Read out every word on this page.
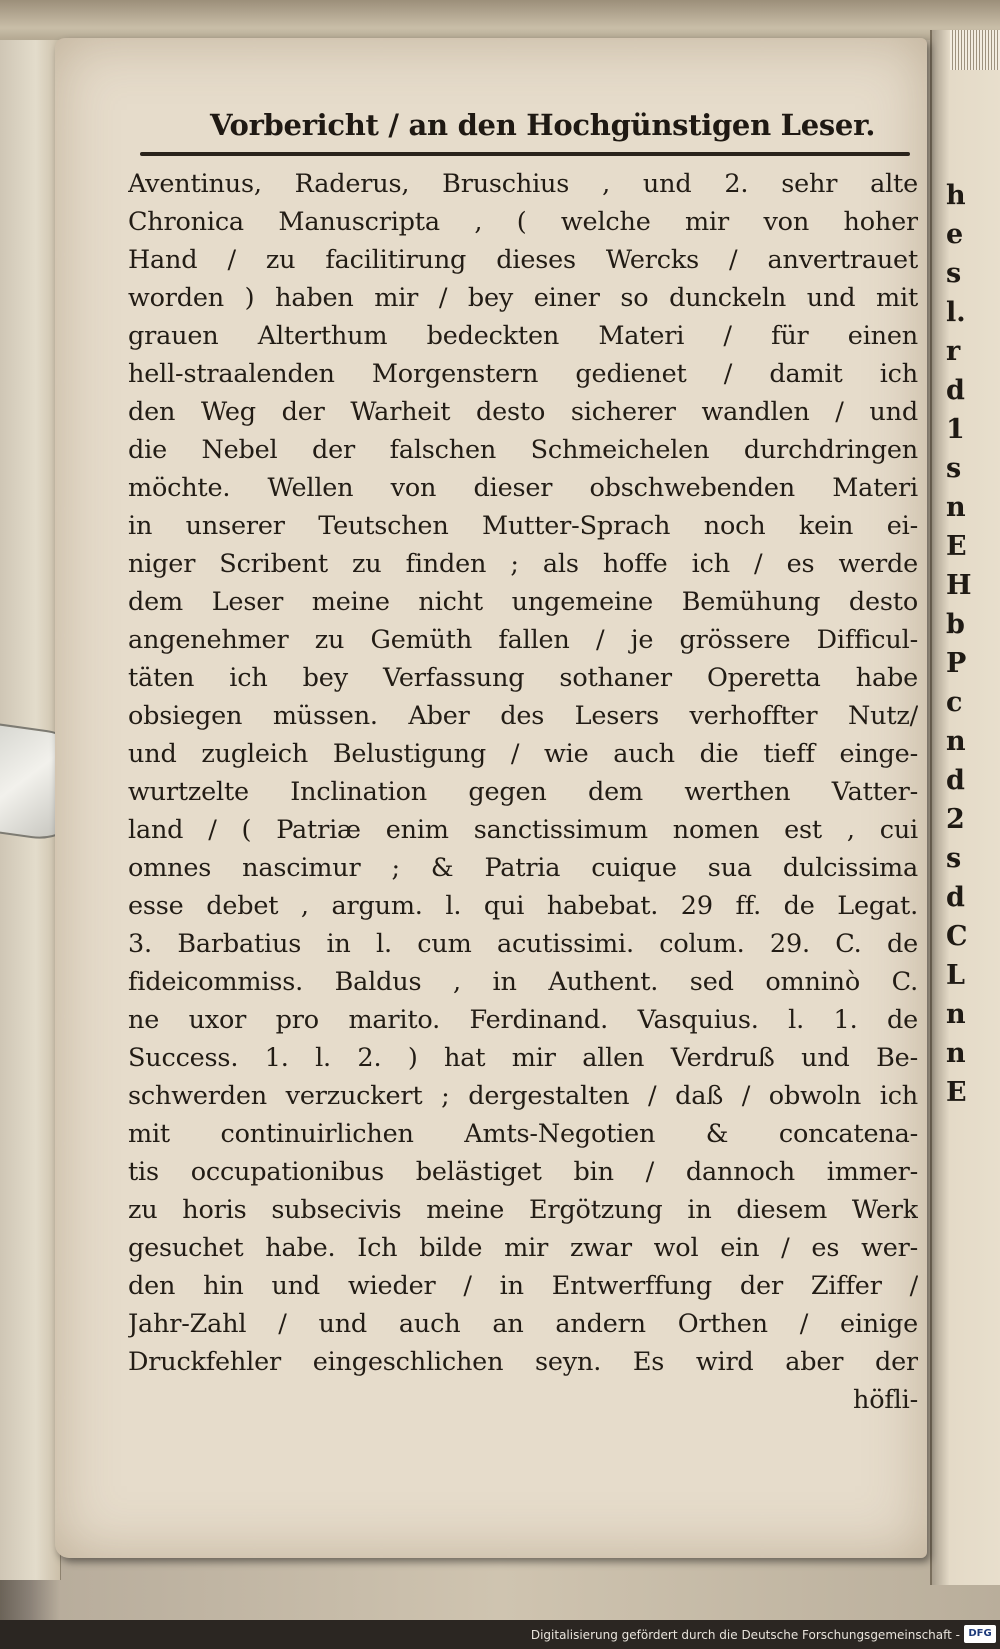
h
e
s
l.
r
d
1
s
n
E
H
b
P
c
n
d
2
s
d
C
L
n
n
E
Vorbericht / an den Hochgünstigen Leser.
Aventinus, Raderus, Bruschius , und 2. sehr alte
Chronica Manuscripta , ( welche mir von hoher
Hand / zu facilitirung dieses Wercks / anvertrauet
worden ) haben mir / bey einer so dunckeln und mit
grauen Alterthum bedeckten Materi / für einen
hell-straalenden Morgenstern gedienet / damit ich
den Weg der Warheit desto sicherer wandlen / und
die Nebel der falschen Schmeichelen durchdringen
möchte. Wellen von dieser obschwebenden Materi
in unserer Teutschen Mutter-Sprach noch kein ei-
niger Scribent zu finden ; als hoffe ich / es werde
dem Leser meine nicht ungemeine Bemühung desto
angenehmer zu Gemüth fallen / je grössere Difficul-
täten ich bey Verfassung sothaner Operetta habe
obsiegen müssen. Aber des Lesers verhoffter Nutz/
und zugleich Belustigung / wie auch die tieff einge-
wurtzelte Inclination gegen dem werthen Vatter-
land / ( Patriæ enim sanctissimum nomen est , cui
omnes nascimur ; & Patria cuique sua dulcissima
esse debet , argum. l. qui habebat. 29 ff. de Legat.
3. Barbatius in l. cum acutissimi. colum. 29. C. de
fideicommiss. Baldus , in Authent. sed omninò C.
ne uxor pro marito. Ferdinand. Vasquius. l. 1. de
Success. 1. l. 2. ) hat mir allen Verdruß und Be-
schwerden verzuckert ; dergestalten / daß / obwoln ich
mit continuirlichen Amts-Negotien & concatena-
tis occupationibus belästiget bin / dannoch immer-
zu horis subsecivis meine Ergötzung in diesem Werk
gesuchet habe. Ich bilde mir zwar wol ein / es wer-
den hin und wieder / in Entwerffung der Ziffer /
Jahr-Zahl / und auch an andern Orthen / einige
Druckfehler eingeschlichen seyn. Es wird aber der
höfli-
Digitalisierung gefördert durch die Deutsche Forschungsgemeinschaft - DFG
